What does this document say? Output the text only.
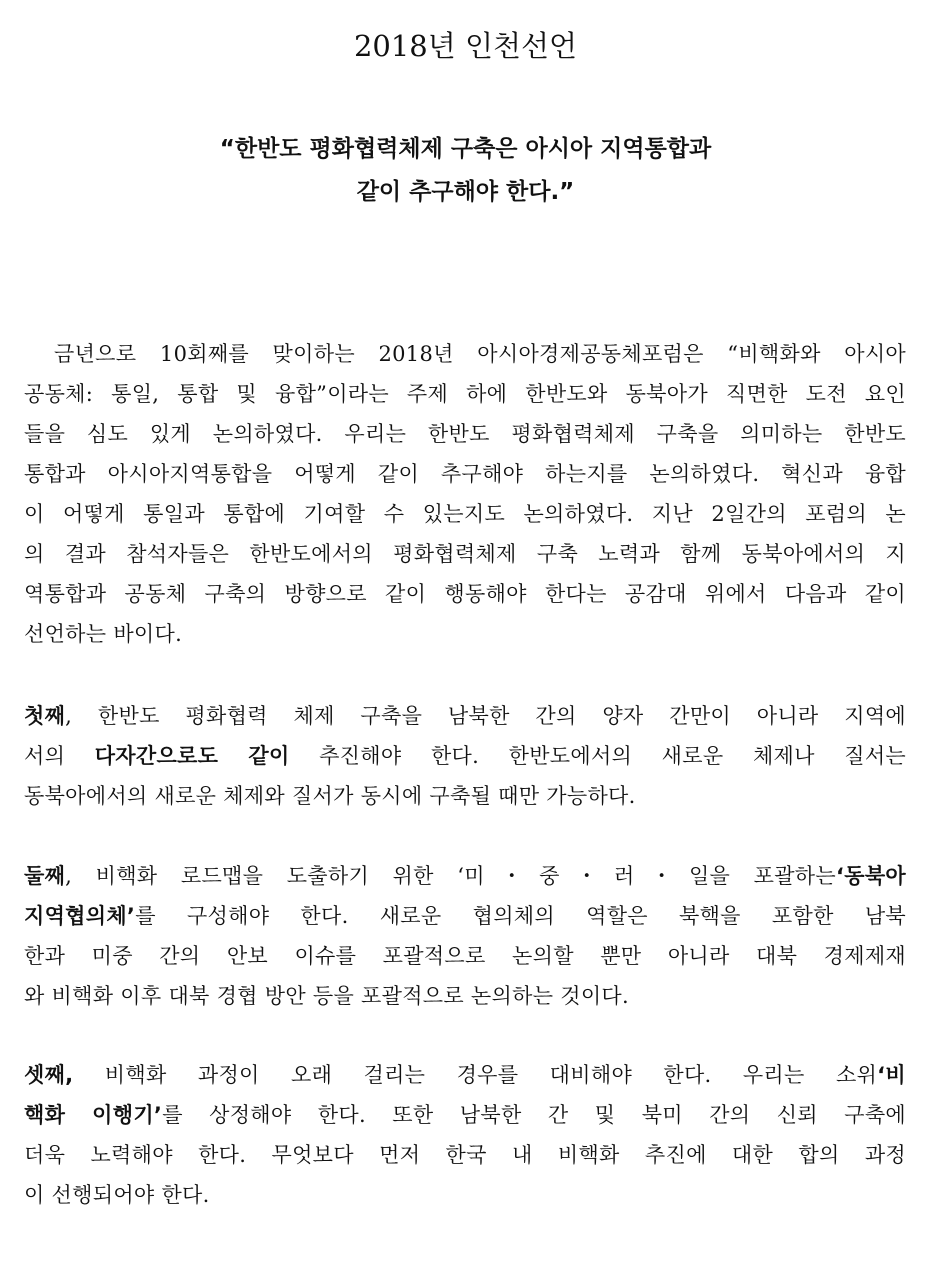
2018년 인천선언
“한반도 평화협력체제 구축은 아시아 지역통합과
같이 추구해야 한다.”
금년으로 10회째를 맞이하는 2018년 아시아경제공동체포럼은 “비핵화와 아시아
공동체: 통일, 통합 및 융합”이라는 주제 하에 한반도와 동북아가 직면한 도전 요인
들을 심도 있게 논의하였다. 우리는 한반도 평화협력체제 구축을 의미하는 한반도
통합과 아시아지역통합을 어떻게 같이 추구해야 하는지를 논의하였다. 혁신과 융합
이 어떻게 통일과 통합에 기여할 수 있는지도 논의하였다. 지난 2일간의 포럼의 논
의 결과 참석자들은 한반도에서의 평화협력체제 구축 노력과 함께 동북아에서의 지
역통합과 공동체 구축의 방향으로 같이 행동해야 한다는 공감대 위에서 다음과 같이
선언하는 바이다.
첫째, 한반도 평화협력 체제 구축을 남북한 간의 양자 간만이 아니라 지역에
서의 다자간으로도 같이 추진해야 한다. 한반도에서의 새로운 체제나 질서는
동북아에서의 새로운 체제와 질서가 동시에 구축될 때만 가능하다.
둘째, 비핵화 로드맵을 도출하기 위한 ‘미・중・러・일을 포괄하는‘동북아
지역협의체’를 구성해야 한다. 새로운 협의체의 역할은 북핵을 포함한 남북
한과 미중 간의 안보 이슈를 포괄적으로 논의할 뿐만 아니라 대북 경제제재
와 비핵화 이후 대북 경협 방안 등을 포괄적으로 논의하는 것이다.
셋째, 비핵화 과정이 오래 걸리는 경우를 대비해야 한다. 우리는 소위‘비
핵화 이행기’를 상정해야 한다. 또한 남북한 간 및 북미 간의 신뢰 구축에
더욱 노력해야 한다. 무엇보다 먼저 한국 내 비핵화 추진에 대한 합의 과정
이 선행되어야 한다.
